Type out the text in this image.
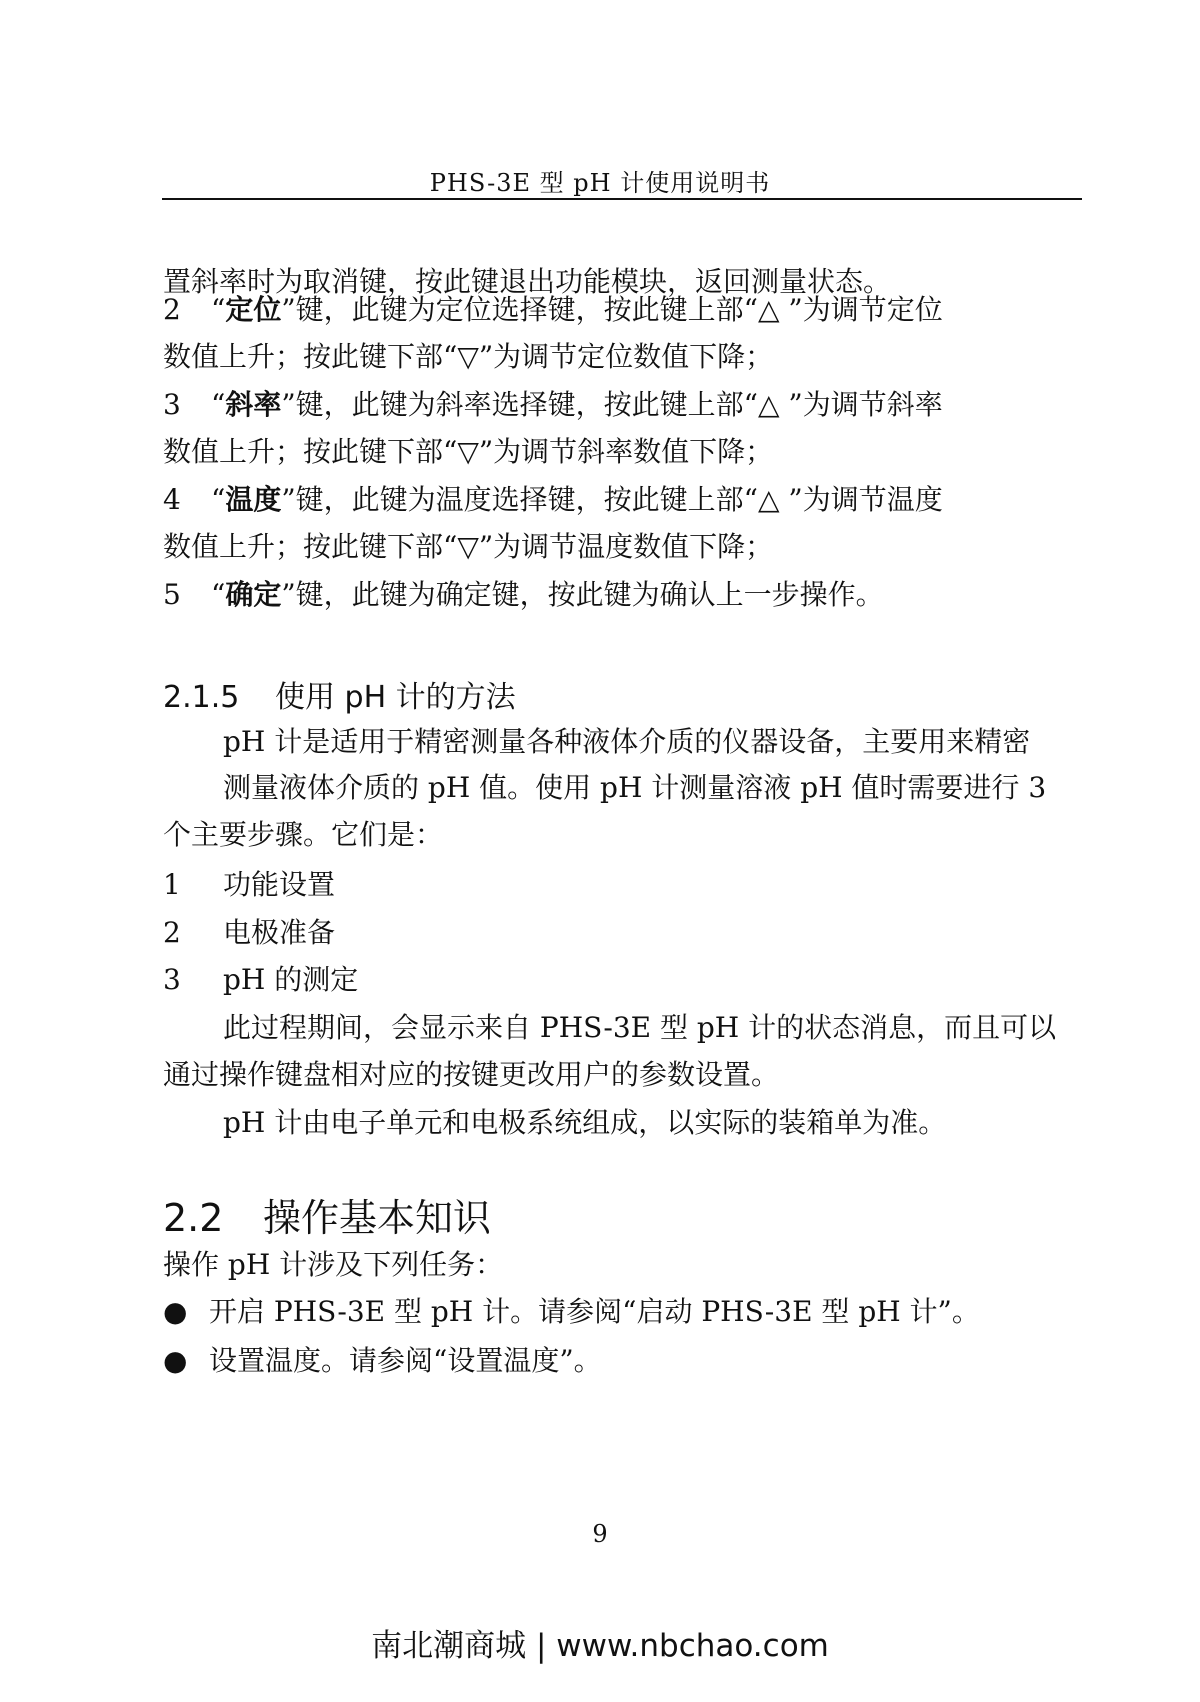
PHS-3E 型 pH 计使用说明书
置斜率时为取消键，按此键退出功能模块，返回测量状态。
2 “定位”键，此键为定位选择键，按此键上部“△ ”为调节定位
数值上升；按此键下部“▽”为调节定位数值下降；
3 “斜率”键，此键为斜率选择键，按此键上部“△ ”为调节斜率
数值上升；按此键下部“▽”为调节斜率数值下降；
4 “温度”键，此键为温度选择键，按此键上部“△ ”为调节温度
数值上升；按此键下部“▽”为调节温度数值下降；
5 “确定”键，此键为确定键，按此键为确认上一步操作。
2.1.5 使用 pH 计的方法
pH 计是适用于精密测量各种液体介质的仪器设备，主要用来精密
测量液体介质的 pH 值。使用 pH 计测量溶液 pH 值时需要进行 3
个主要步骤。它们是：
1 功能设置
2 电极准备
3 pH 的测定
此过程期间，会显示来自 PHS-3E 型 pH 计的状态消息，而且可以
通过操作键盘相对应的按键更改用户的参数设置。
pH 计由电子单元和电极系统组成，以实际的装箱单为准。
2.2 操作基本知识
操作 pH 计涉及下列任务：
● 开启 PHS-3E 型 pH 计。请参阅“启动 PHS-3E 型 pH 计”。
● 设置温度。请参阅“设置温度”。
9
南北潮商城 | www.nbchao.com
